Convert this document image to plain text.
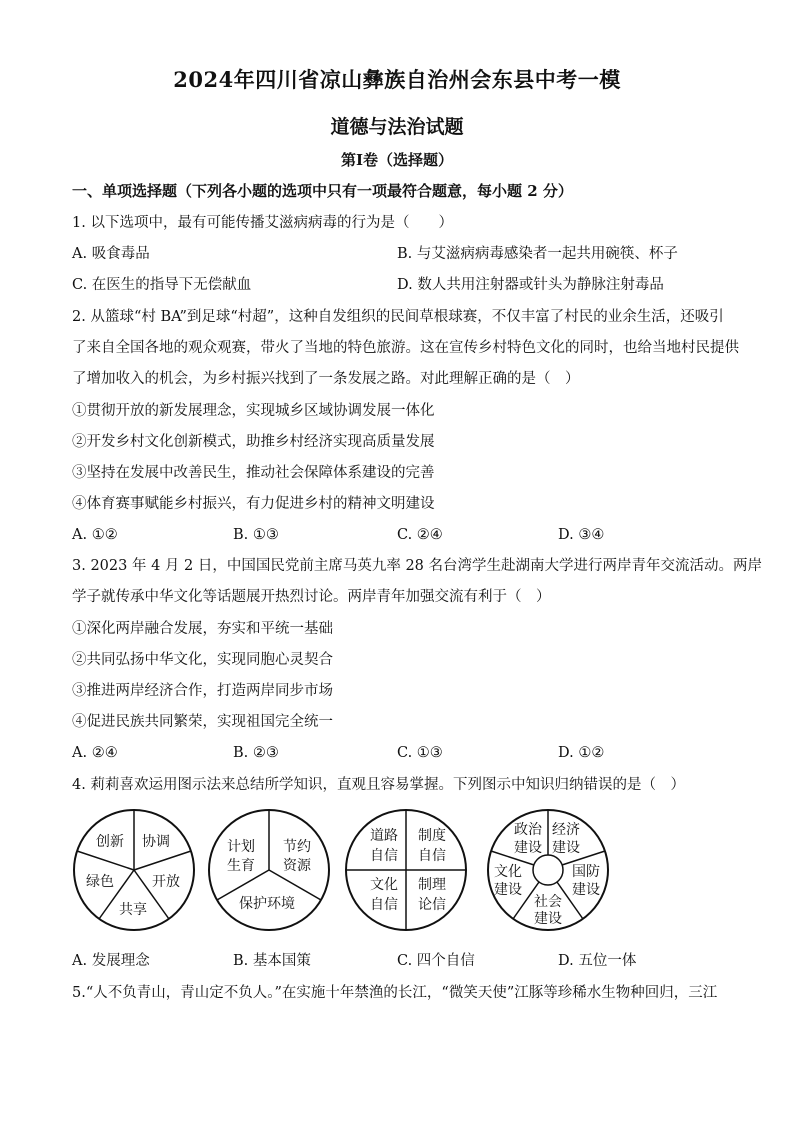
2024年四川省凉山彝族自治州会东县中考一模
道德与法治试题
第Ⅰ卷（选择题）
一、单项选择题（下列各小题的选项中只有一项最符合题意，每小题 2 分）
1. 以下选项中，最有可能传播艾滋病病毒的行为是（　　）
A. 吸食毒品	B. 与艾滋病病毒感染者一起共用碗筷、杯子
C. 在医生的指导下无偿献血	D. 数人共用注射器或针头为静脉注射毒品
2. 从篮球“村 BA”到足球“村超”，这种自发组织的民间草根球赛，不仅丰富了村民的业余生活，还吸引
了来自全国各地的观众观赛，带火了当地的特色旅游。这在宣传乡村特色文化的同时，也给当地村民提供
了增加收入的机会，为乡村振兴找到了一条发展之路。对此理解正确的是（　）
①贯彻开放的新发展理念，实现城乡区域协调发展一体化
②开发乡村文化创新模式，助推乡村经济实现高质量发展
③坚持在发展中改善民生，推动社会保障体系建设的完善
④体育赛事赋能乡村振兴，有力促进乡村的精神文明建设
A. ①②	B. ①③	C. ②④	D. ③④
3. 2023 年 4 月 2 日，中国国民党前主席马英九率 28 名台湾学生赴湖南大学进行两岸青年交流活动。两岸
学子就传承中华文化等话题展开热烈讨论。两岸青年加强交流有利于（　）
①深化两岸融合发展，夯实和平统一基础
②共同弘扬中华文化，实现同胞心灵契合
③推进两岸经济合作，打造两岸同步市场
④促进民族共同繁荣，实现祖国完全统一
A. ②④	B. ②③	C. ①③	D. ①②
4. 莉莉喜欢运用图示法来总结所学知识，直观且容易掌握。下列图示中知识归纳错误的是（　）
创新 协调
绿色	开放
共享
计划
生育
节约
资源
保护环境
道路
自信
制度
自信
文化
自信
制理
论信
政治
建设
经济
建设
文化
建设
国防
建设
社会
建设
A. 发展理念	B. 基本国策	C. 四个自信	D. 五位一体
5.“人不负青山，青山定不负人。”在实施十年禁渔的长江，“微笑天使”江豚等珍稀水生物种回归，三江
